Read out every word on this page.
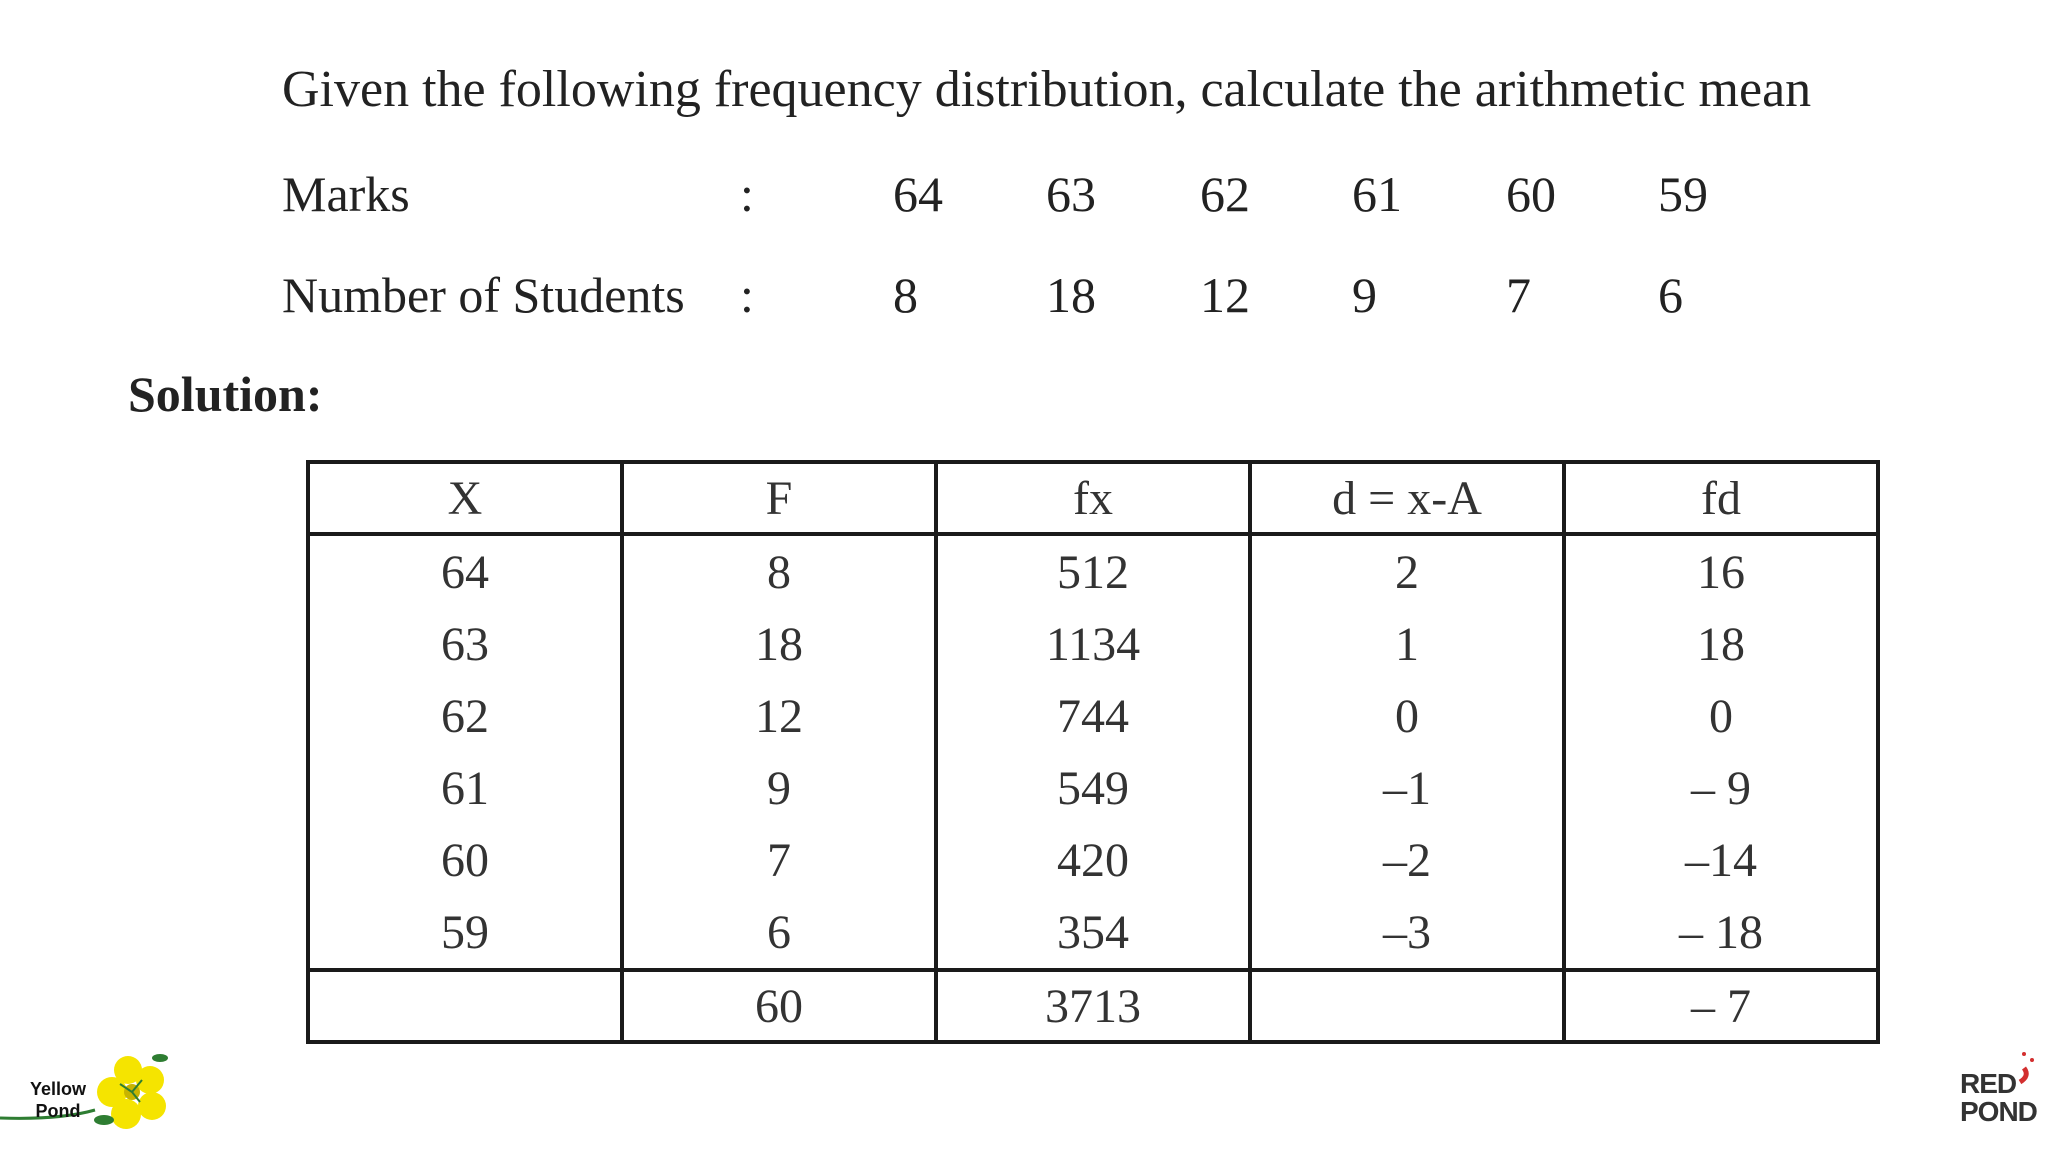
Given the following frequency distribution, calculate the arithmetic mean
Marks	:	64 63 62 61 60 59
Number of Students :	8	18 12 9	7	6
Solution:
X	F	fx	d = x-A	fd
64	8	512	2	16
63	18	1134	1	18
62	12	744	0	0
61	9	549	–1	– 9
60	7	420	–2	–14
59	6	354	–3	– 18
	60	3713		– 7
Yellow
Pond
RED
POND
